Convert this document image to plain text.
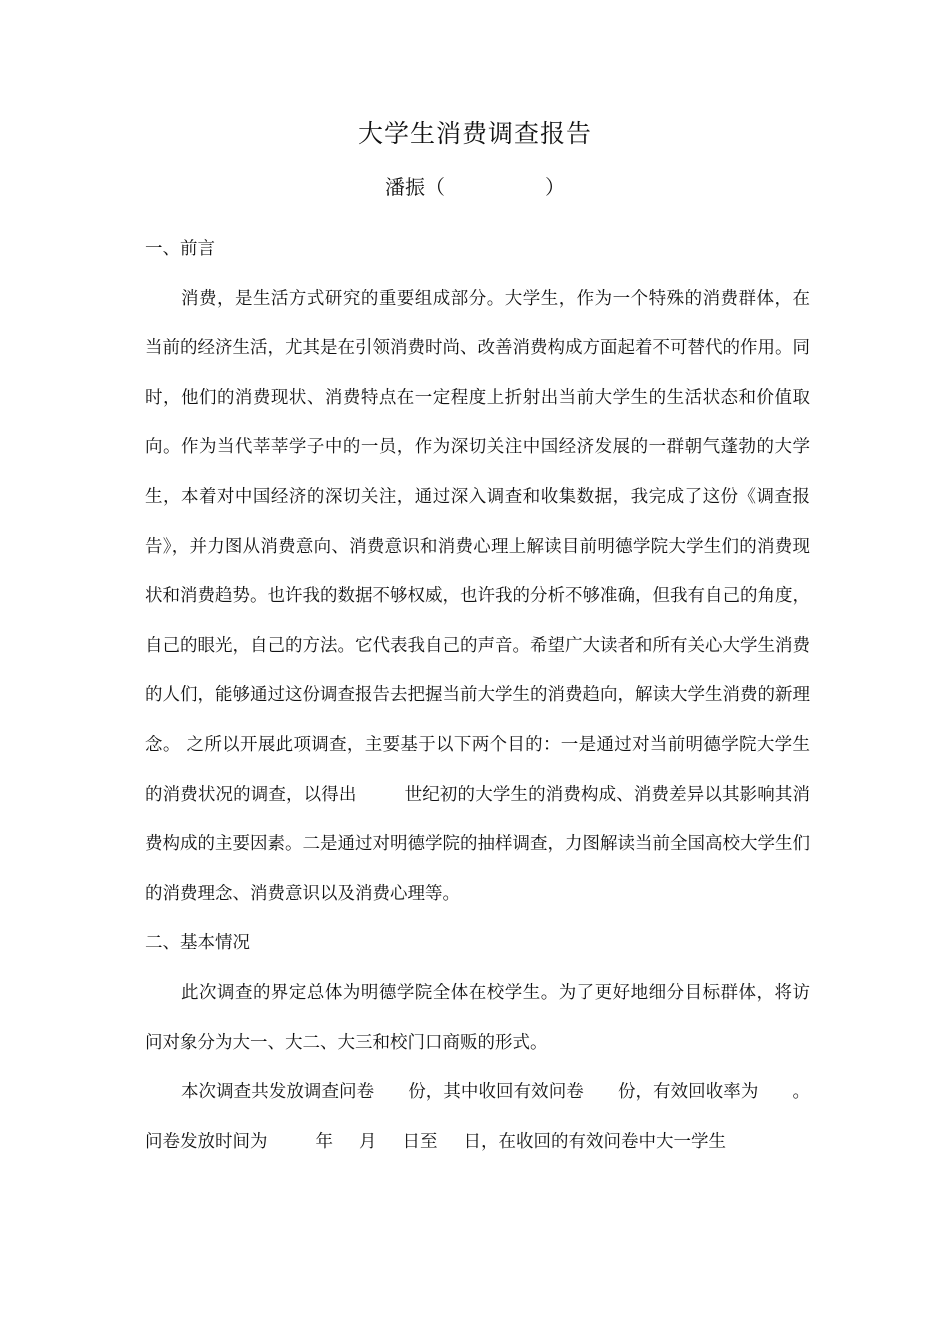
大学生消费调查报告
潘振（	）

一、前言

消费，是生活方式研究的重要组成部分。大学生，作为一个特殊的消费群体，在当前的经济生活，尤其是在引领消费时尚、改善消费构成方面起着不可替代的作用。同时，他们的消费现状、消费特点在一定程度上折射出当前大学生的生活状态和价值取向。作为当代莘莘学子中的一员，作为深切关注中国经济发展的一群朝气蓬勃的大学生，本着对中国经济的深切关注，通过深入调查和收集数据，我完成了这份《调查报告》，并力图从消费意向、消费意识和消费心理上解读目前明德学院大学生们的消费现状和消费趋势。也许我的数据不够权威，也许我的分析不够准确，但我有自己的角度，自己的眼光，自己的方法。它代表我自己的声音。希望广大读者和所有关心大学生消费的人们，能够通过这份调查报告去把握当前大学生的消费趋向，解读大学生消费的新理念。 之所以开展此项调查，主要基于以下两个目的：一是通过对当前明德学院大学生的消费状况的调查，以得出	世纪初的大学生的消费构成、消费差异以其影响其消费构成的主要因素。二是通过对明德学院的抽样调查，力图解读当前全国高校大学生们的消费理念、消费意识以及消费心理等。

二、基本情况

此次调查的界定总体为明德学院全体在校学生。为了更好地细分目标群体，将访问对象分为大一、大二、大三和校门口商贩的形式。

本次调查共发放调查问卷 份，其中收回有效问卷 份，有效回收率为 。问卷发放时间为	年 月 日至 日，在收回的有效问卷中大一学生
